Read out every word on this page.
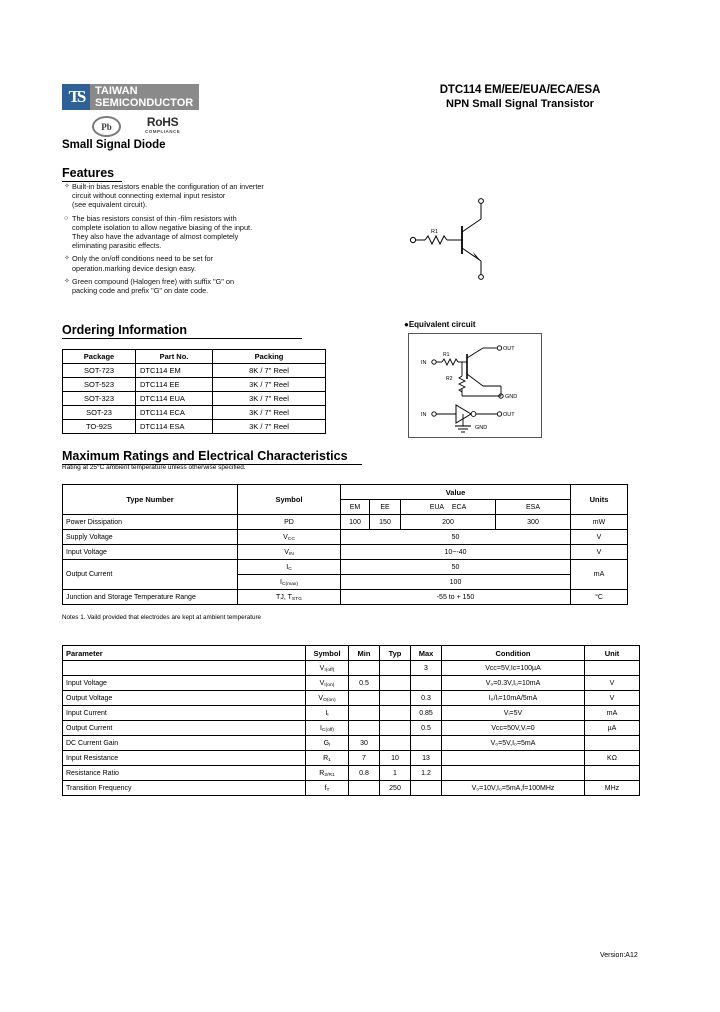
TS	TAIWAN
SEMICONDUCTOR
Pb	RoHS
COMPLIANCE
Small Signal Diode
DTC114 EM/EE/EUA/ECA/ESA
NPN Small Signal Transistor
Features
✧ Built-in bias resistors enable the configuration of an inverter
circuit without connecting external input resistor
(see equivalent circuit).
○ The bias resistors consist of thin -film resistors with
complete isolation to allow negative biasing of the input.
They also have the advantage of almost completely
eliminating parasitic effects.
✧ Only the on/off conditions need to be set for
operation.marking device design easy.
✧ Green compound (Halogen free) with suffix "G" on
packing code and prefix "G" on date code.
R1
Ordering Information
Package	Part No.	Packing
SOT-723	DTC114 EM	8K / 7" Reel
SOT-523	DTC114 EE	3K / 7" Reel
SOT-323	DTC114 EUA	3K / 7" Reel
SOT-23	DTC114 ECA	3K / 7" Reel
TO-92S	DTC114 ESA	3K / 7" Reel
●Equivalent circuit
IN
R1
R2
OUT
GND
IN	OUT
GND
Maximum Ratings and Electrical Characteristics
Rating at 25°C ambient temperature unless otherwise specified.
Type Number	Symbol	Value				Units
		EM	EE	EUA ECA	ESA	
Power Dissipation	PD	100	150	200	300	mW
Supply Voltage	$V_{CC}$	50				V
Input Voltage	$V_{IN}$	10~-40				V
Output Current	$I_C$	50				mA
	$I_{C(max)}$	100				
Junction and Storage Temperature Range	TJ, $T_{STG}$	-55 to + 150				°C
Notes 1. Vaild provided that electrodes are kept at ambient temperature
Parameter	Symbol	Min	Typ	Max	Condition	Unit
	$V_{I(off)}$			3	Vᴄᴄ=5V,Iᴄ=100µA	
Input Voltage	$V_{I(on)}$	0.5			V₀=0.3V,I₀=10mA	V
Output Voltage	$V_{O(on)}$			0.3	I₀/Iᵢ=10mA/5mA	V
Input Current	$I_I$			0.85	Vᵢ=5V	mA
Output Current	$I_{C(off)}$			0.5	Vᴄᴄ=50V,Vᵢ=0	µA
DC Current Gain	$G_I$	30			V₀=5V,I₀=5mA	
Input Resistance	$R_1$	7	10	13		KΩ
Resistance Ratio	$R_{2/R1}$	0.8	1	1.2		
Transition Frequency	$f_T$		250		V₀=10V,I₀=5mA,f=100MHz	MHz
Version:A12
